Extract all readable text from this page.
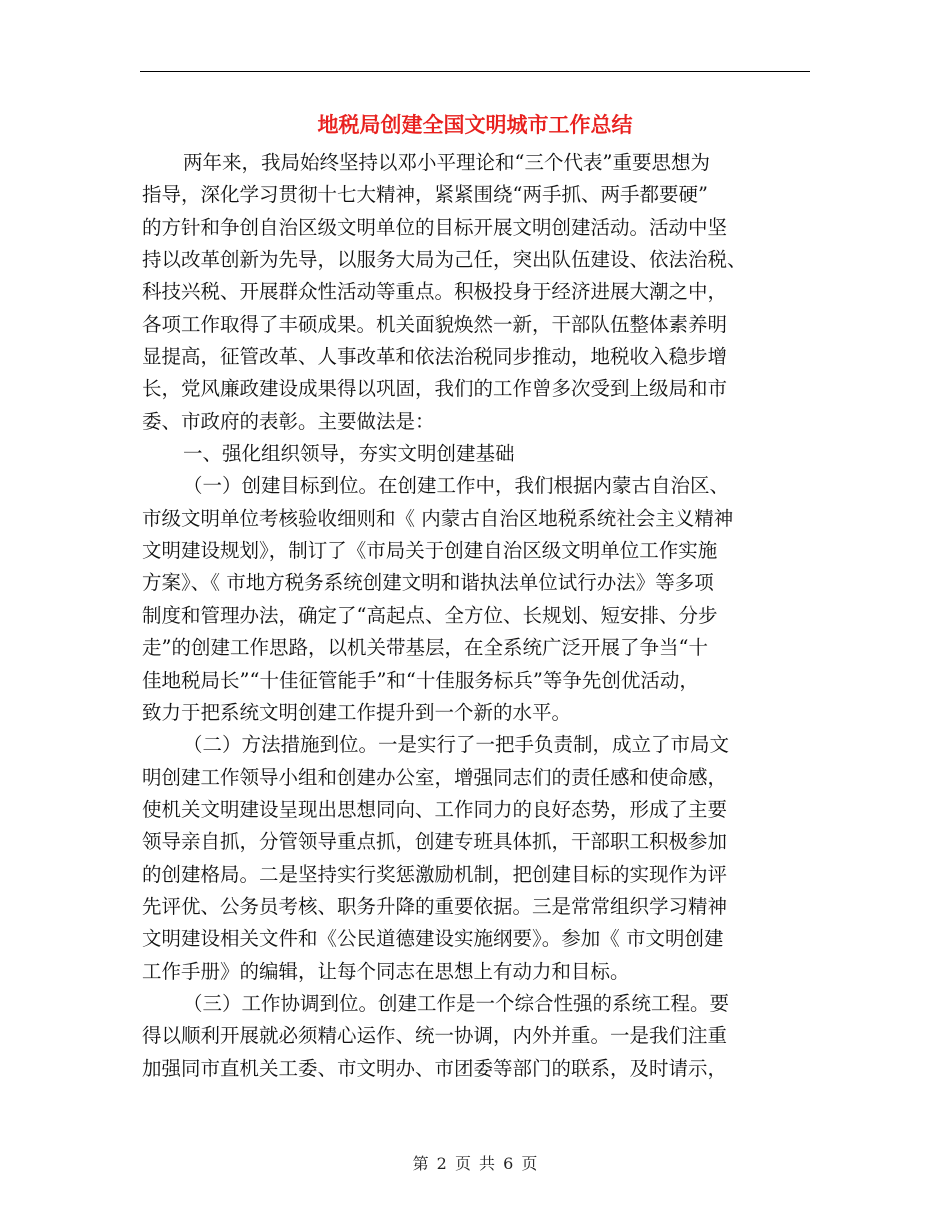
地税局创建全国文明城市工作总结
两年来，我局始终坚持以邓小平理论和“三个代表”重要思想为
指导，深化学习贯彻十七大精神，紧紧围绕“两手抓、两手都要硬”
的方针和争创自治区级文明单位的目标开展文明创建活动。活动中坚
持以改革创新为先导，以服务大局为己任，突出队伍建设、依法治税、
科技兴税、开展群众性活动等重点。积极投身于经济进展大潮之中，
各项工作取得了丰硕成果。机关面貌焕然一新，干部队伍整体素养明
显提高，征管改革、人事改革和依法治税同步推动，地税收入稳步增
长，党风廉政建设成果得以巩固，我们的工作曾多次受到上级局和市
委、市政府的表彰。主要做法是：
一、强化组织领导，夯实文明创建基础
（一）创建目标到位。在创建工作中，我们根据内蒙古自治区、
市级文明单位考核验收细则和《 内蒙古自治区地税系统社会主义精神
文明建设规划》，制订了《市局关于创建自治区级文明单位工作实施
方案》、《 市地方税务系统创建文明和谐执法单位试行办法》等多项
制度和管理办法，确定了“高起点、全方位、长规划、短安排、分步
走”的创建工作思路，以机关带基层，在全系统广泛开展了争当“十
佳地税局长”“十佳征管能手”和“十佳服务标兵”等争先创优活动，
致力于把系统文明创建工作提升到一个新的水平。
（二）方法措施到位。一是实行了一把手负责制，成立了市局文
明创建工作领导小组和创建办公室，增强同志们的责任感和使命感，
使机关文明建设呈现出思想同向、工作同力的良好态势，形成了主要
领导亲自抓，分管领导重点抓，创建专班具体抓，干部职工积极参加
的创建格局。二是坚持实行奖惩激励机制，把创建目标的实现作为评
先评优、公务员考核、职务升降的重要依据。三是常常组织学习精神
文明建设相关文件和《公民道德建设实施纲要》。参加《 市文明创建
工作手册》的编辑，让每个同志在思想上有动力和目标。
（三）工作协调到位。创建工作是一个综合性强的系统工程。要
得以顺利开展就必须精心运作、统一协调，内外并重。一是我们注重
加强同市直机关工委、市文明办、市团委等部门的联系，及时请示，
第 2 页 共 6 页
